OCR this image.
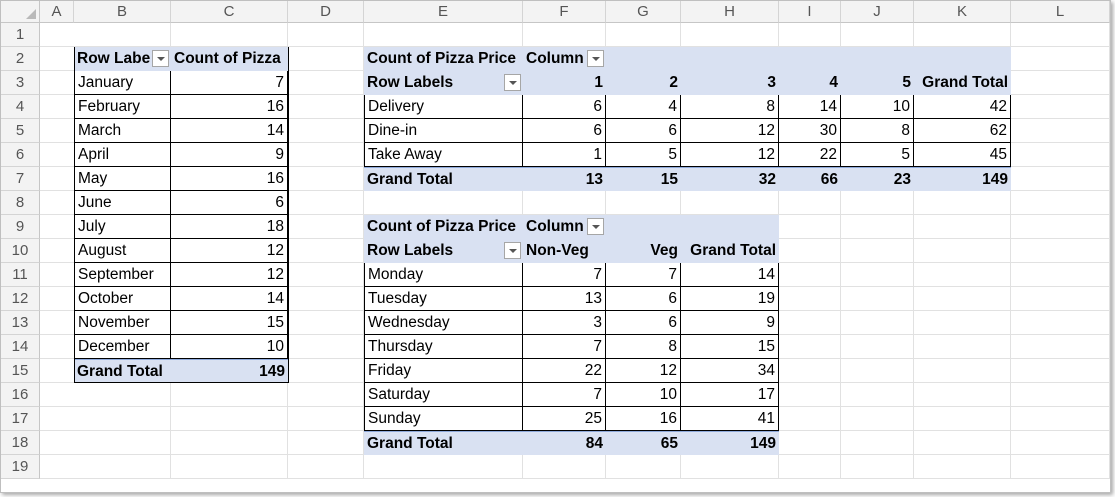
A	B	C	D	E	F	G	H	I	J	K	L
1
2
3
4
5
6
7
8
9
10
11
12
13
14
15
16
17
18
19
Row Labe	Count of Pizza
January	7
February	16
March	14
April	9
May	16
June	6
July	18
August	12
September	12
October	14
November	15
December	10
Grand Total	149
Count of Pizza Price Column
Row Labels	1	2	3	4	5 Grand Total
Delivery	6	4	8	14	10	42
Dine-in	6	6	12	30	8	62
Take Away	1	5	12	22	5	45
Grand Total	13	15	32	66	23	149
Count of Pizza Price Column
Row Labels	Non-Veg	Veg Grand Total
Monday	7	7	14
Tuesday	13	6	19
Wednesday	3	6	9
Thursday	7	8	15
Friday	22	12	34
Saturday	7	10	17
Sunday	25	16	41
Grand Total	84	65	149
